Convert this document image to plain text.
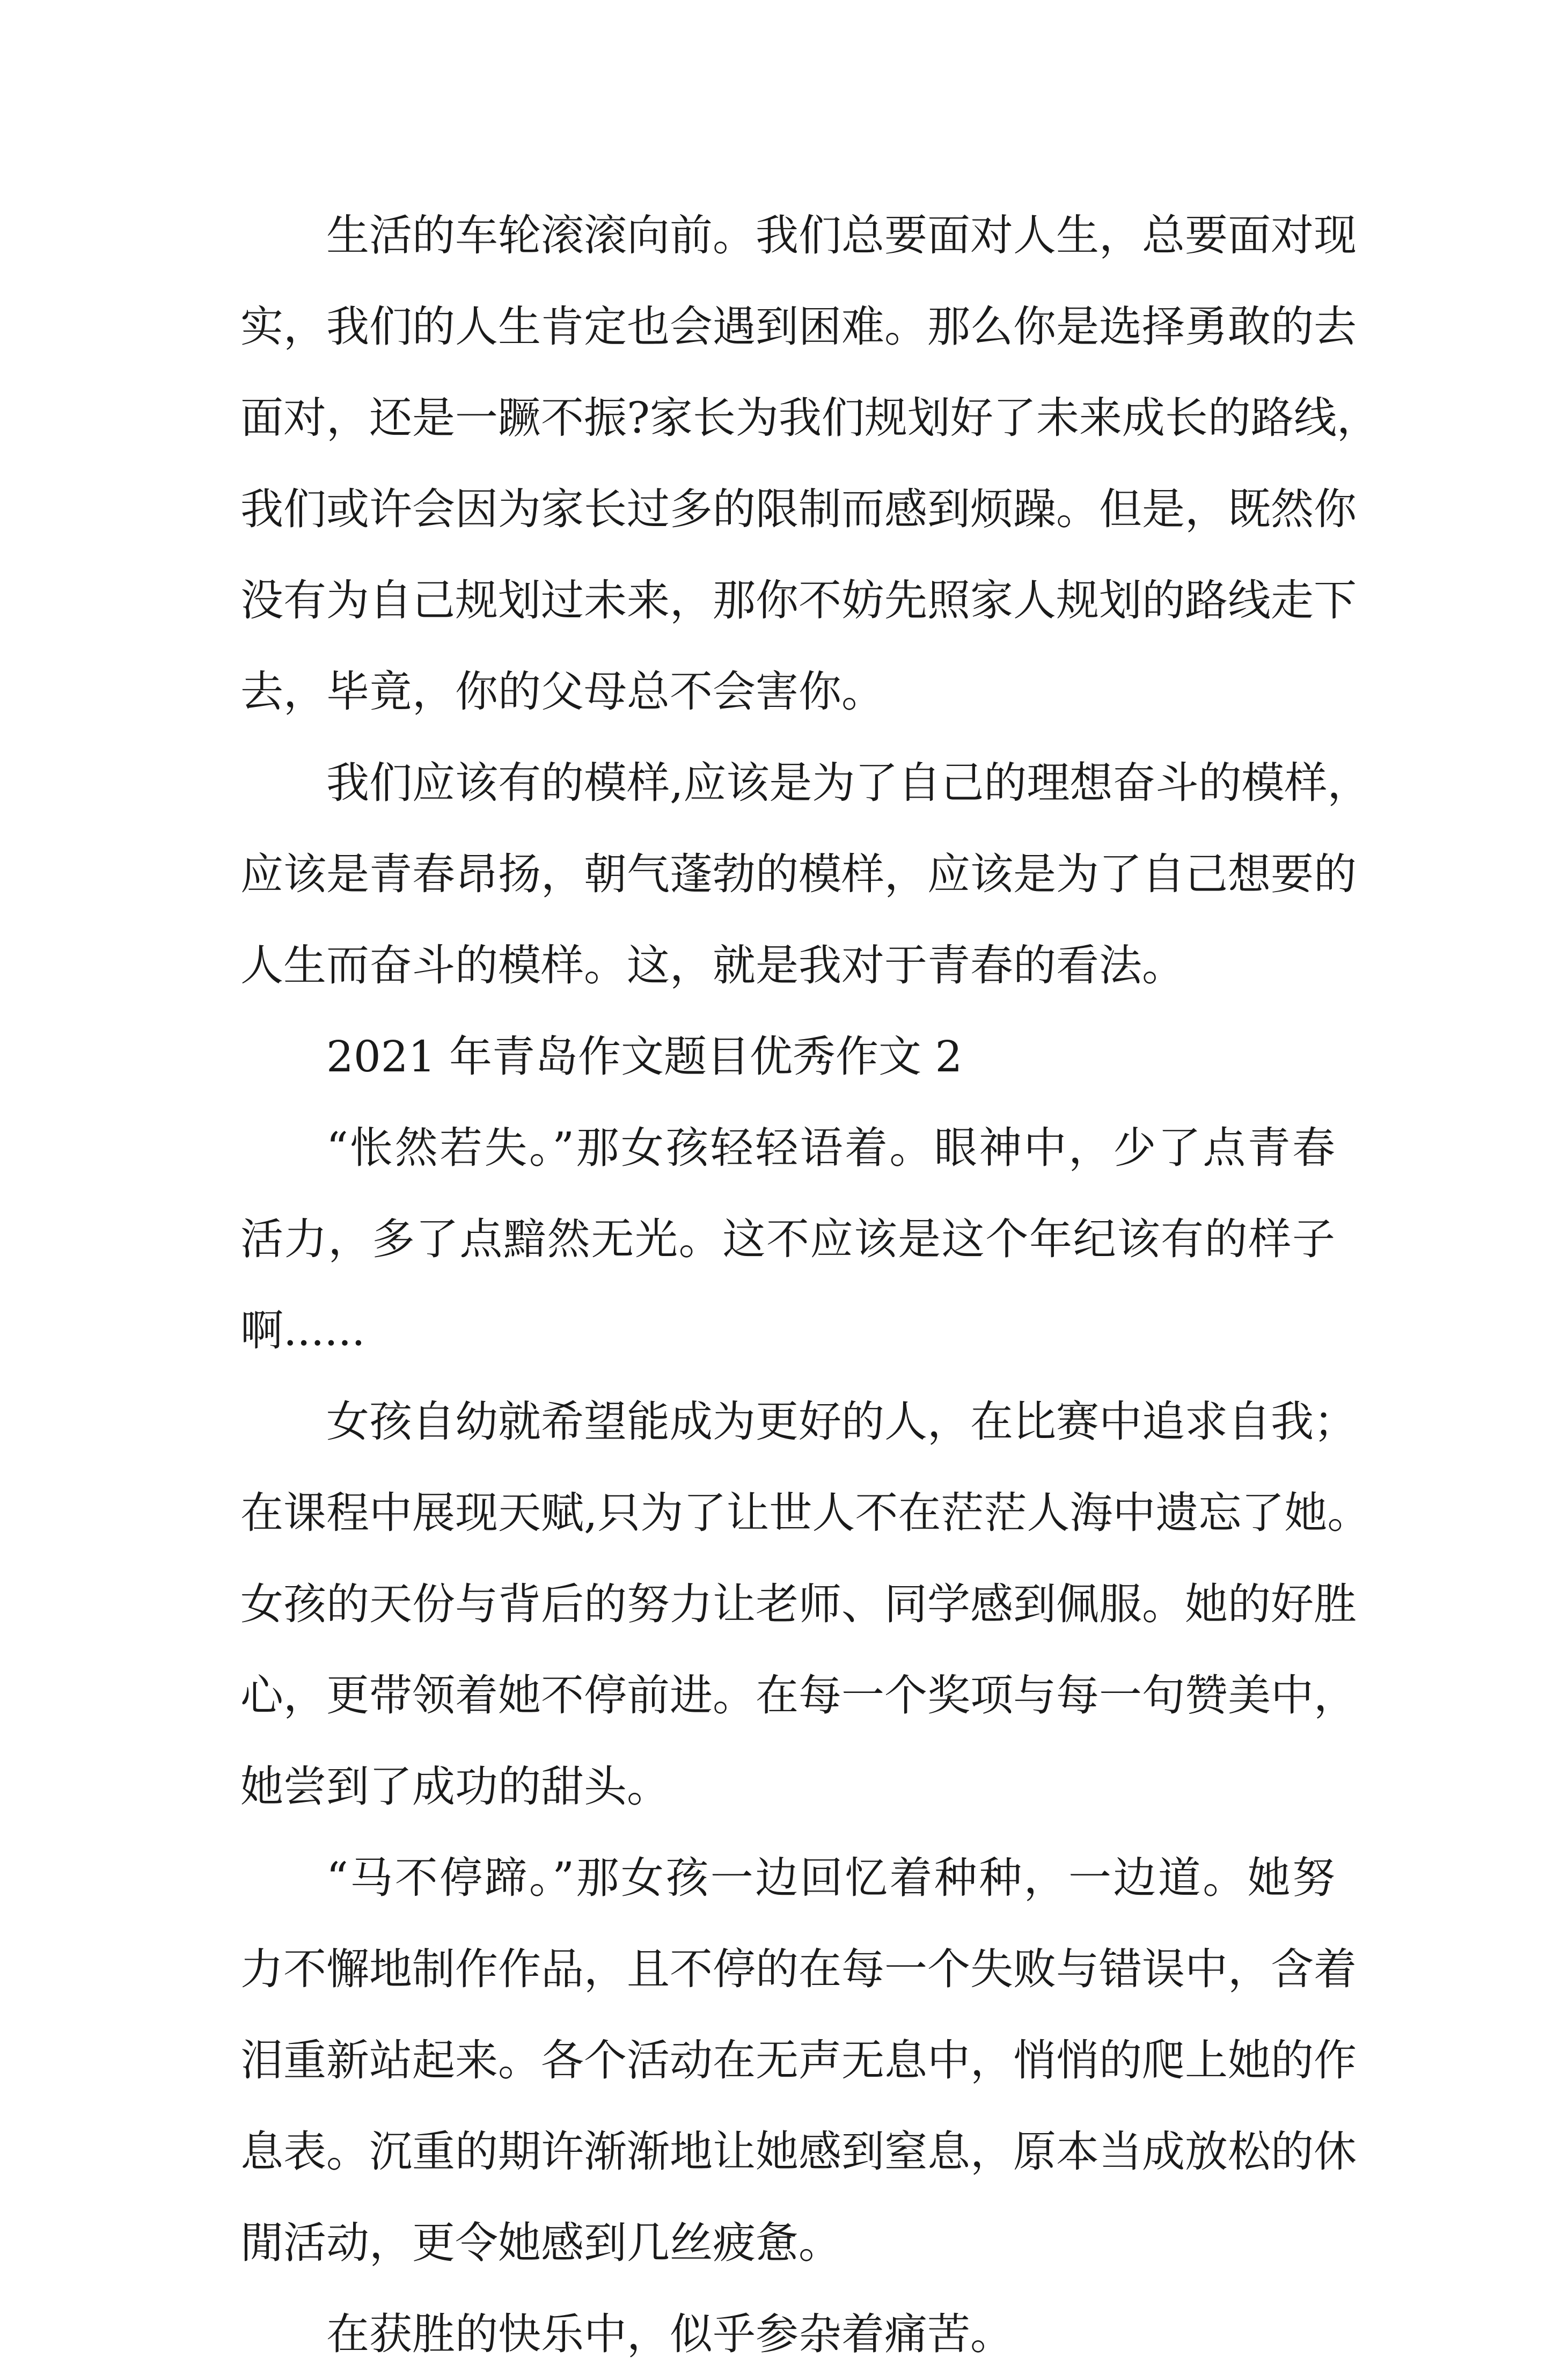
生活的车轮滚滚向前。我们总要面对人生，总要面对现
实，我们的人生肯定也会遇到困难。那么你是选择勇敢的去
面对，还是一蹶不振?家长为我们规划好了未来成长的路线，
我们或许会因为家长过多的限制而感到烦躁。但是，既然你
没有为自己规划过未来，那你不妨先照家人规划的路线走下
去，毕竟，你的父母总不会害你。
我们应该有的模样,应该是为了自己的理想奋斗的模样，
应该是青春昂扬，朝气蓬勃的模样，应该是为了自己想要的
人生而奋斗的模样。这，就是我对于青春的看法。
2021 年青岛作文题目优秀作文 2
“怅然若失。”那女孩轻轻语着。眼神中，少了点青春
活力，多了点黯然无光。这不应该是这个年纪该有的样子
啊......
女孩自幼就希望能成为更好的人，在比赛中追求自我；
在课程中展现天赋,只为了让世人不在茫茫人海中遗忘了她。
女孩的天份与背后的努力让老师、同学感到佩服。她的好胜
心，更带领着她不停前进。在每一个奖项与每一句赞美中，
她尝到了成功的甜头。
“马不停蹄。”那女孩一边回忆着种种，一边道。她努
力不懈地制作作品，且不停的在每一个失败与错误中，含着
泪重新站起来。各个活动在无声无息中，悄悄的爬上她的作
息表。沉重的期许渐渐地让她感到窒息，原本当成放松的休
閒活动，更令她感到几丝疲惫。
在获胜的快乐中，似乎参杂着痛苦。
